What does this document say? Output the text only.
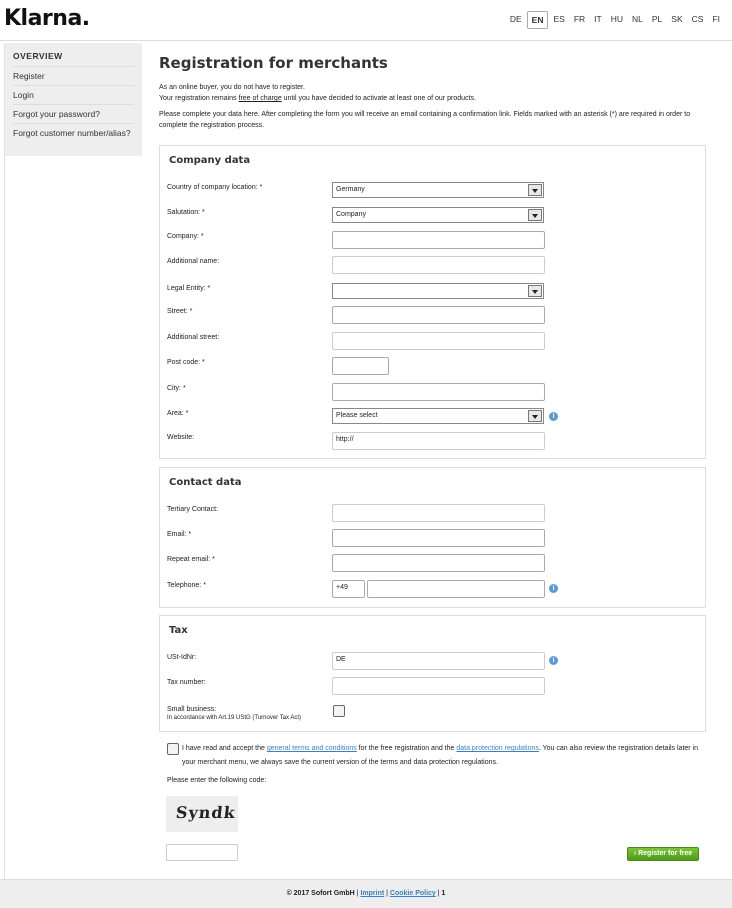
Klarna.	DE	EN	ES	FR	IT	HU	NL	PL	SK	CS	FI
OVERVIEW
Register
Login
Forgot your password?
Forgot customer number/alias?
Registration for merchants

As an online buyer, you do not have to register.
Your registration remains free of charge until you have decided to activate at least one of our products.

Please complete your data here. After completing the form you will receive an email containing a confirmation link. Fields marked with an asterisk (*) are required in order to complete the registration process.

Company data
Country of company location: *	Germany
Salutation: *	Company
Company: *
Additional name:
Legal Entity: *
Street: *
Additional street:
Post code: *
City: *
Area: *	Please select	i
Website:	http://
Contact data
Tertiary Contact:
Email: *
Repeat email: *
Telephone: *	+49	i
Tax
USt-IdNr:	DE	i
Tax number:
Small business:
In accordance with Art.19 UStG (Turnover Tax Act)
I have read and accept the general terms and conditions for the free registration and the data protection regulations. You can also review the registration details later in your merchant menu, we always save the current version of the terms and data protection regulations.
Please enter the following code:
Syndk
› Register for free
© 2017 Sofort GmbH | Imprint | Cookie Policy | 1
